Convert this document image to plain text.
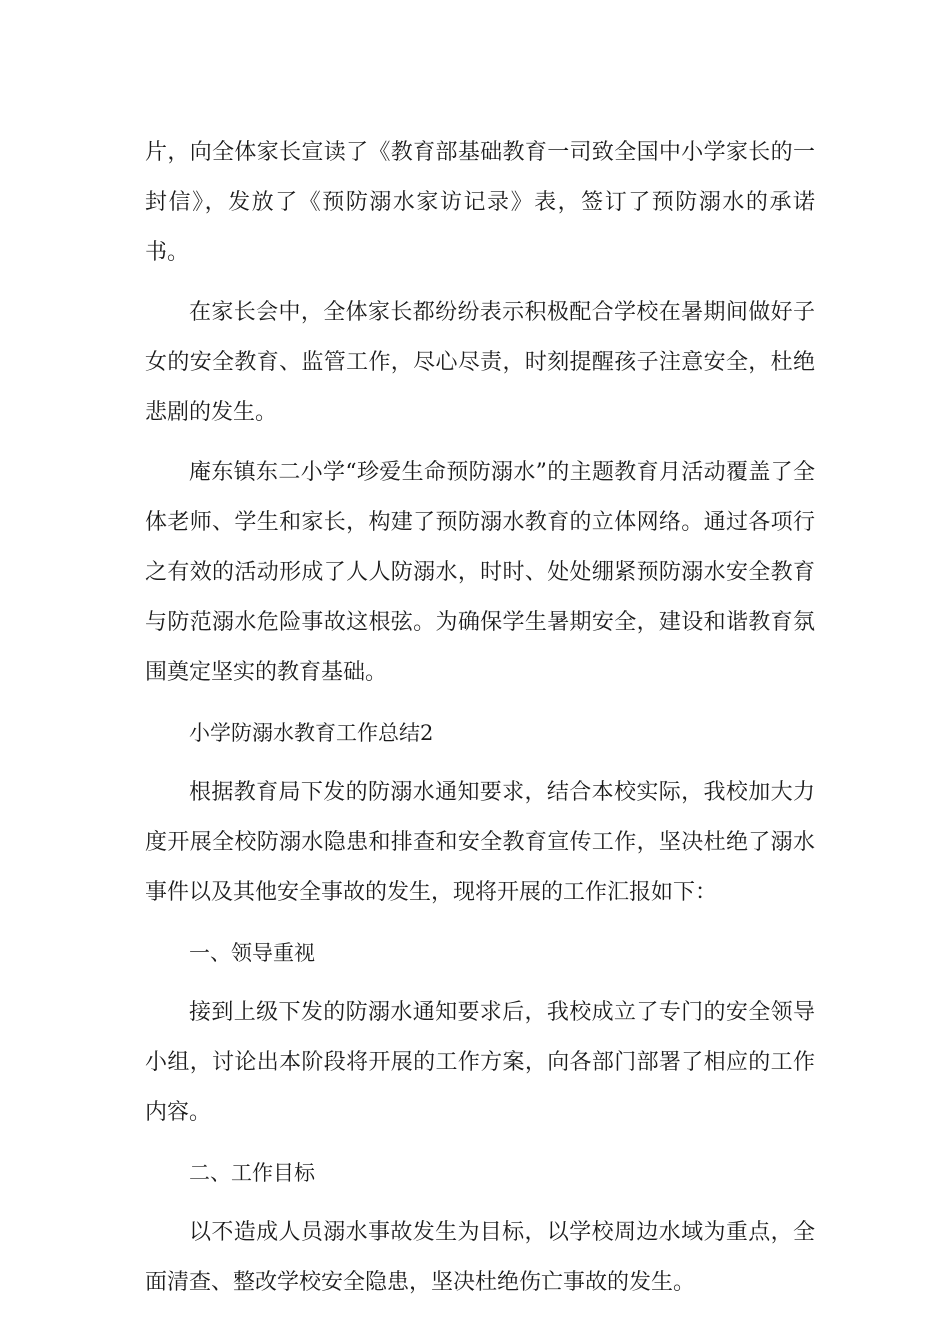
片，向全体家长宣读了《教育部基础教育一司致全国中小学家长的一封信》，发放了《预防溺水家访记录》表，签订了预防溺水的承诺书。

在家长会中，全体家长都纷纷表示积极配合学校在暑期间做好子女的安全教育、监管工作，尽心尽责，时刻提醒孩子注意安全，杜绝悲剧的发生。

庵东镇东二小学“珍爱生命预防溺水”的主题教育月活动覆盖了全体老师、学生和家长，构建了预防溺水教育的立体网络。通过各项行之有效的活动形成了人人防溺水，时时、处处绷紧预防溺水安全教育与防范溺水危险事故这根弦。为确保学生暑期安全，建设和谐教育氛围奠定坚实的教育基础。

小学防溺水教育工作总结2

根据教育局下发的防溺水通知要求，结合本校实际，我校加大力度开展全校防溺水隐患和排查和安全教育宣传工作，坚决杜绝了溺水事件以及其他安全事故的发生，现将开展的工作汇报如下：

一、领导重视

接到上级下发的防溺水通知要求后，我校成立了专门的安全领导小组，讨论出本阶段将开展的工作方案，向各部门部署了相应的工作内容。

二、工作目标

以不造成人员溺水事故发生为目标，以学校周边水域为重点，全面清查、整改学校安全隐患，坚决杜绝伤亡事故的发生。
